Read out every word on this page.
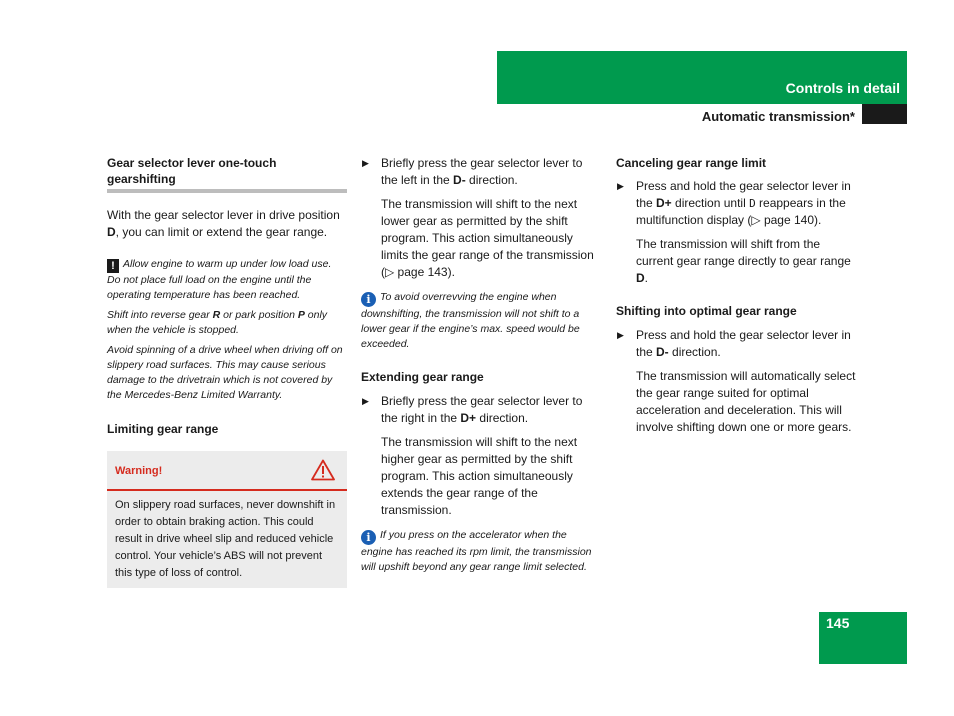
Controls in detail
Automatic transmission*
Gear selector lever one-touch gearshifting

With the gear selector lever in drive position D, you can limit or extend the gear range.

! Allow engine to warm up under low load use. Do not place full load on the engine until the operating temperature has been reached.

Shift into reverse gear R or park position P only when the vehicle is stopped.

Avoid spinning of a drive wheel when driving off on slippery road surfaces. This may cause serious damage to the drivetrain which is not covered by the Mercedes-Benz Limited Warranty.

Limiting gear range
Warning!
On slippery road surfaces, never downshift in order to obtain braking action. This could result in drive wheel slip and reduced vehicle control. Your vehicle’s ABS will not prevent this type of loss of control.
▶ Briefly press the gear selector lever to the left in the D- direction.

The transmission will shift to the next lower gear as permitted by the shift program. This action simultaneously limits the gear range of the transmission (▷ page 143).

i To avoid overrevving the engine when downshifting, the transmission will not shift to a lower gear if the engine’s max. speed would be exceeded.

Extending gear range
▶ Briefly press the gear selector lever to the right in the D+ direction.

The transmission will shift to the next higher gear as permitted by the shift program. This action simultaneously extends the gear range of the transmission.

i If you press on the accelerator when the engine has reached its rpm limit, the transmission will upshift beyond any gear range limit selected.

Canceling gear range limit
▶ Press and hold the gear selector lever in the D+ direction until D reappears in the multifunction display (▷ page 140).

The transmission will shift from the current gear range directly to gear range D.

Shifting into optimal gear range
▶ Press and hold the gear selector lever in the D- direction.

The transmission will automatically select the gear range suited for optimal acceleration and deceleration. This will involve shifting down one or more gears.

145
